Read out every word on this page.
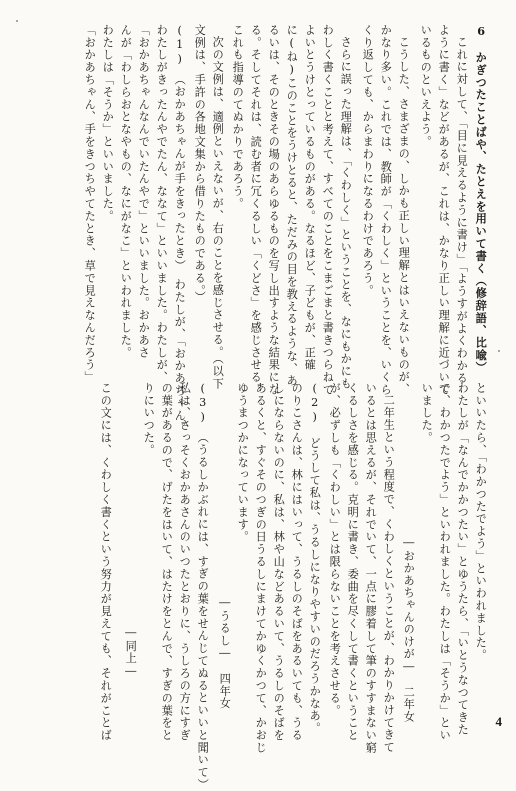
6　かぎつたことばや、たとえを用いて書く（修辞語、比喩）
これに対して、「目に見えるように書け」「ようすがよくわかる
ように書く」などがあるが、これは、かなり正しい理解に近づいて
いるものといえよう。
こうした、さまざまの、しかも正しい理解とはいえないものが、
かなり多い。これでは、教師が「くわしく」ということを、いくら
くり返しても、からまわりになるわけであろう。
さらに誤った理解は、「くわしく」ということを、なにもかにも
わしく書くことと考えて、すべてのことをこまごまと書きつらねて
よいとうけとっているものがある。なるほど、子どもが、正確
に(ね)このことをうけとると、ただみの目を教えるような、あ
るいは、そのときその場のあらゆるものを写し出すような結果にな
る。そしてそれは、読む者に冗くるしい「くどさ」を感じさせる。
これも指導のてぬかりであろう。
次の文例は、適例といえないが、右のことを感じさせる。（以下
文例は、手許の各地文集から借りたものである。）
(1)　（おかあちゃんが手をきったとき）　わたしが、「おかあちゃん。
わたしがきったんやでたん、ななて」といいました。わたしが、
「おかあちゃんなんでいたんやで」といいました。おかあさ
んが「わしらおとなやもの、なにがなこ」といわれました。
わたしは「そうか」といいました。
「おかあちゃん、手をきつちやてたとき、草で見えなんだろう」
といいたら、「わかつたでよう」といわれました。
わたしが「なんでかかつたい」とゆうたら、「いとうなつてきた
で、わかつたでよう」といわれました。わたしは「そうか」とい
いました。
―おかあちゃんのけが―　二年女
二年生という程度で、くわしくということが、わかりかけてきて
いるとは思えるが、それでいて、一点に膠着して筆のすすまない窮
くるしさを感じる。克明に書き、委曲を尽くして書くということ
が、必ずしも「くわしい」とは限らないことを考えさせる。
(2)　どうして私は、うるしになりやすいのだろうかなあ。
のりこさんは、林にはいって、うるしのそばをあるいても、うる
しにならないのに、私は、林や山などあるいて、うるしのそばを
あるくと、すぐそのつぎの日うるしにまけてかゆくかつて、かおじ
ゆうまつかになっています。
―うるし―　四年女
(3)　（うるしかぶれには、すぎの葉をせんじてぬるといいと聞いて）
私は、さっそくおかあさんのいつたとおりに、うしろの方にすぎ
の葉があるので、げたをはいて、はたけをとんで、すぎの葉をと
りにいつた。
―同上―
この文には、くわしく書くという努力が見えても、それがことば	4
